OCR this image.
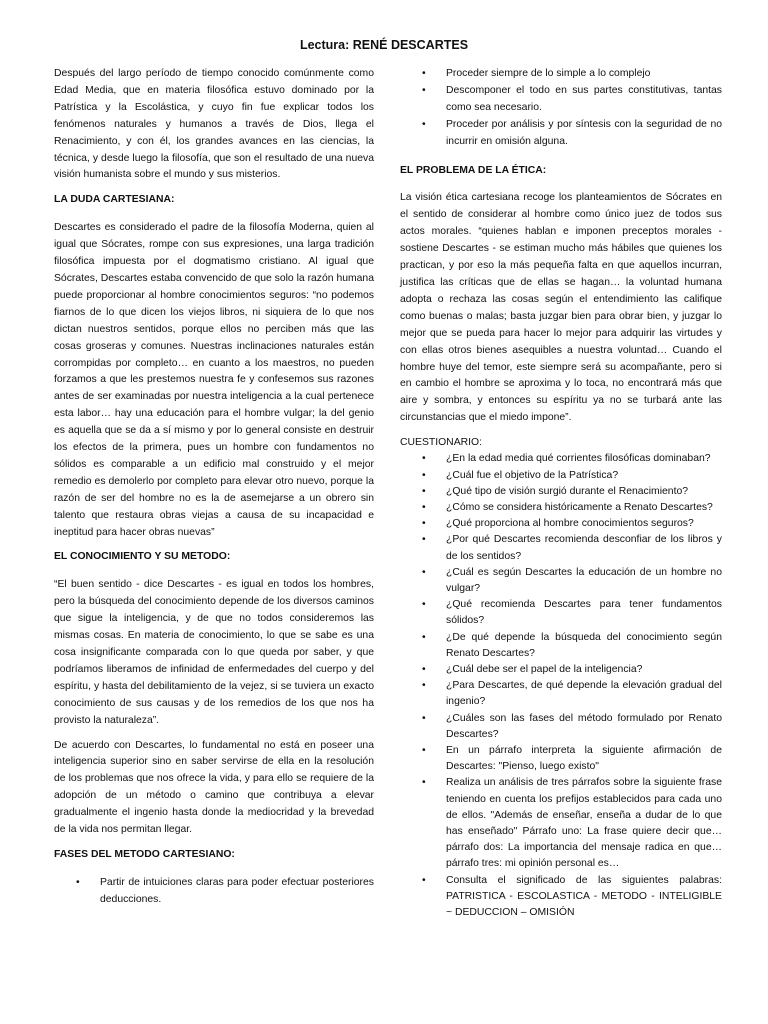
Lectura: RENÉ DESCARTES

Después del largo período de tiempo conocido comúnmente como Edad Media, que en materia filosófica estuvo dominado por la Patrística y la Escolástica, y cuyo fin fue explicar todos los fenómenos naturales y humanos a través de Dios, llega el Renacimiento, y con él, los grandes avances en las ciencias, la técnica, y desde luego la filosofía, que son el resultado de una nueva visión humanista sobre el mundo y sus misterios.

LA DUDA CARTESIANA:

Descartes es considerado el padre de la filosofía Moderna, quien al igual que Sócrates, rompe con sus expresiones, una larga tradición filosófica impuesta por el dogmatismo cristiano. Al igual que Sócrates, Descartes estaba convencido de que solo la razón humana puede proporcionar al hombre conocimientos seguros: “no podemos fiarnos de lo que dicen los viejos libros, ni siquiera de lo que nos dictan nuestros sentidos, porque ellos no perciben más que las cosas groseras y comunes. Nuestras inclinaciones naturales están corrompidas por completo… en cuanto a los maestros, no pueden forzamos a que les prestemos nuestra fe y confesemos sus razones antes de ser examinadas por nuestra inteligencia a la cual pertenece esta labor… hay una educación para el hombre vulgar; la del genio es aquella que se da a sí mismo y por lo general consiste en destruir los efectos de la primera, pues un hombre con fundamentos no sólidos es comparable a un edificio mal construido y el mejor remedio es demolerlo por completo para elevar otro nuevo, porque la razón de ser del hombre no es la de asemejarse a un obrero sin talento que restaura obras viejas a causa de su incapacidad e ineptitud para hacer obras nuevas”

EL CONOCIMIENTO Y SU METODO:

“El buen sentido - dice Descartes - es igual en todos los hombres, pero la búsqueda del conocimiento depende de los diversos caminos que sigue la inteligencia, y de que no todos consideremos las mismas cosas. En materia de conocimiento, lo que se sabe es una cosa insignificante comparada con lo que queda por saber, y que podríamos liberamos de infinidad de enfermedades del cuerpo y del espíritu, y hasta del debilitamiento de la vejez, si se tuviera un exacto conocimiento de sus causas y de los remedios de los que nos ha provisto la naturaleza”.

De acuerdo con Descartes, lo fundamental no está en poseer una inteligencia superior sino en saber servirse de ella en la resolución de los problemas que nos ofrece la vida, y para ello se requiere de la adopción de un método o camino que contribuya a elevar gradualmente el ingenio hasta donde la mediocridad y la brevedad de la vida nos permitan llegar.

FASES DEL METODO CARTESIANO:
• Partir de intuiciones claras para poder efectuar posteriores deducciones.
• Proceder siempre de lo simple a lo complejo
• Descomponer el todo en sus partes constitutivas, tantas como sea necesario.
• Proceder por análisis y por síntesis con la seguridad de no incurrir en omisión alguna.
EL PROBLEMA DE LA ÉTICA:

La visión ética cartesiana recoge los planteamientos de Sócrates en el sentido de considerar al hombre como único juez de todos sus actos morales. “quienes hablan e imponen preceptos morales - sostiene Descartes - se estiman mucho más hábiles que quienes los practican, y por eso la más pequeña falta en que aquellos incurran, justifica las críticas que de ellas se hagan… la voluntad humana adopta o rechaza las cosas según el entendimiento las califique como buenas o malas; basta juzgar bien para obrar bien, y juzgar lo mejor que se pueda para hacer lo mejor para adquirir las virtudes y con ellas otros bienes asequibles a nuestra voluntad… Cuando el hombre huye del temor, este siempre será su acompañante, pero si en cambio el hombre se aproxima y lo toca, no encontrará más que aire y sombra, y entonces su espíritu ya no se turbará ante las circunstancias que el miedo impone”.

CUESTIONARIO:

• ¿En la edad media qué corrientes filosóficas dominaban?
• ¿Cuál fue el objetivo de la Patrística?
• ¿Qué tipo de visión surgió durante el Renacimiento?
• ¿Cómo se considera históricamente a Renato Descartes?
• ¿Qué proporciona al hombre conocimientos seguros?
• ¿Por qué Descartes recomienda desconfiar de los libros y de los sentidos?
• ¿Cuál es según Descartes la educación de un hombre no vulgar?
• ¿Qué recomienda Descartes para tener fundamentos sólidos?
• ¿De qué depende la búsqueda del conocimiento según Renato Descartes?
• ¿Cuál debe ser el papel de la inteligencia?
• ¿Para Descartes, de qué depende la elevación gradual del ingenio?
• ¿Cuáles son las fases del método formulado por Renato Descartes?
• En un párrafo interpreta la siguiente afirmación de Descartes: "Pienso, luego existo"
• Realiza un análisis de tres párrafos sobre la siguiente frase teniendo en cuenta los prefijos establecidos para cada uno de ellos. "Además de enseñar, enseña a dudar de lo que has enseñado" Párrafo uno: La frase quiere decir que… párrafo dos: La importancia del mensaje radica en que… párrafo tres: mi opinión personal es…
• Consulta el significado de las siguientes palabras: PATRISTICA - ESCOLASTICA - METODO - INTELIGIBLE ~ DEDUCCION – OMISIÓN
